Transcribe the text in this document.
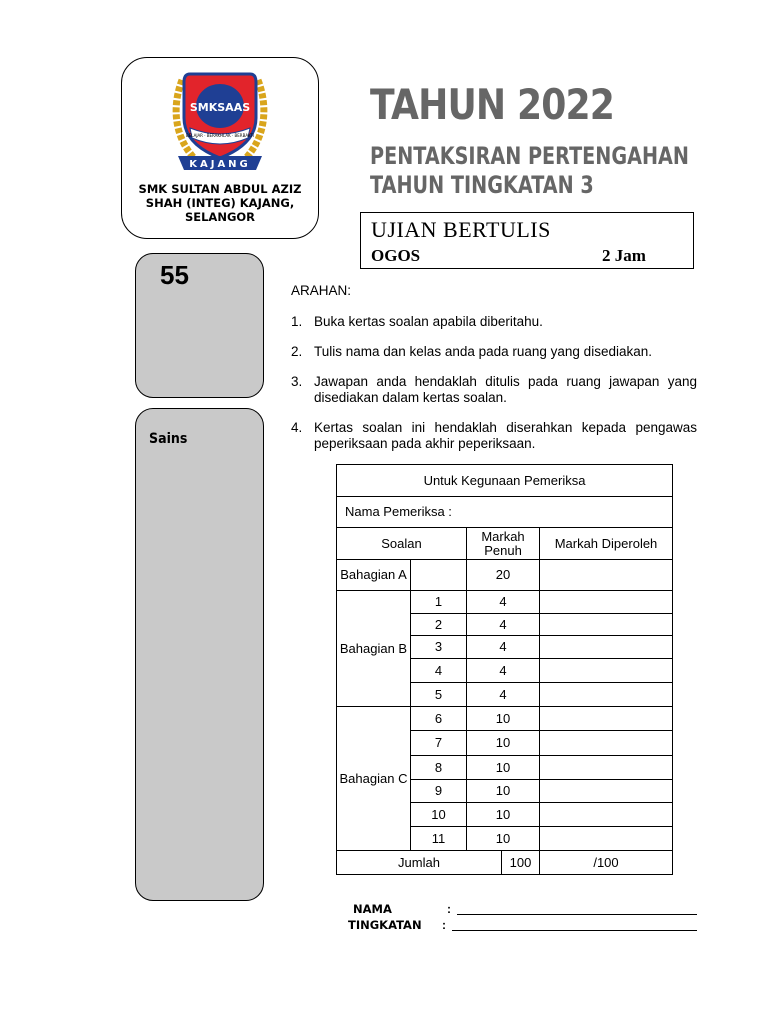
SMKSAAS
BELAJAR · BERAKHLAK · BERBAKTI
KAJANG
SMK SULTAN ABDUL AZIZ SHAH (INTEG) KAJANG, SELANGOR
TAHUN 2022
PENTAKSIRAN PERTENGAHAN
TAHUN TINGKATAN 3
UJIAN BERTULIS
OGOS	2 Jam
55
Sains
ARAHAN:
1. Buka kertas soalan apabila diberitahu.
2. Tulis nama dan kelas anda pada ruang yang disediakan.
3. Jawapan anda hendaklah ditulis pada ruang jawapan yang disediakan dalam kertas soalan.
4. Kertas soalan ini hendaklah diserahkan kepada pengawas peperiksaan pada akhir peperiksaan.
Untuk Kegunaan Pemeriksa				
Nama Pemeriksa :				
Soalan		Markah Penuh		Markah Diperoleh
Bahagian A		20		
Bahagian B	1	4		
	2	4		
	3	4		
	4	4		
	5	4		
Bahagian C	6	10		
	7	10		
	8	10		
	9	10		
	10	10		
	11	10		
Jumlah			100	/100
NAMA	:
TINGKATAN :
